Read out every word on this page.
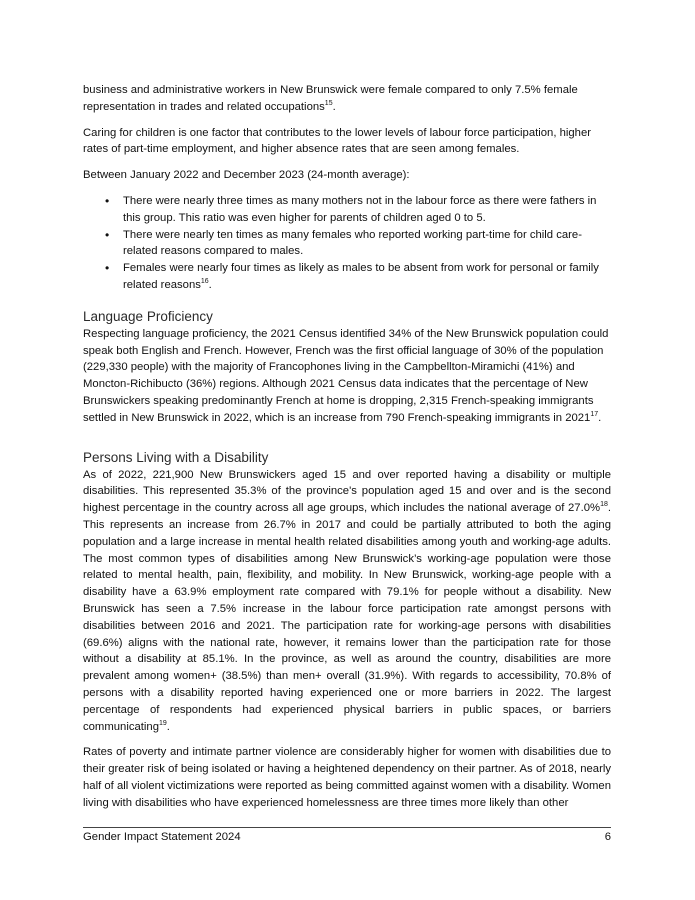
business and administrative workers in New Brunswick were female compared to only 7.5% female representation in trades and related occupations$^{15}$.

Caring for children is one factor that contributes to the lower levels of labour force participation, higher rates of part-time employment, and higher absence rates that are seen among females.

Between January 2022 and December 2023 (24-month average):

• There were nearly three times as many mothers not in the labour force as there were fathers in this group. This ratio was even higher for parents of children aged 0 to 5.
• There were nearly ten times as many females who reported working part-time for child care-related reasons compared to males.
• Females were nearly four times as likely as males to be absent from work for personal or family related reasons$^{16}$.
Language Proficiency

Respecting language proficiency, the 2021 Census identified 34% of the New Brunswick population could speak both English and French. However, French was the first official language of 30% of the population (229,330 people) with the majority of Francophones living in the Campbellton-Miramichi (41%) and Moncton-Richibucto (36%) regions. Although 2021 Census data indicates that the percentage of New Brunswickers speaking predominantly French at home is dropping, 2,315 French-speaking immigrants settled in New Brunswick in 2022, which is an increase from 790 French-speaking immigrants in 2021$^{17}$.

Persons Living with a Disability

As of 2022, 221,900 New Brunswickers aged 15 and over reported having a disability or multiple disabilities. This represented 35.3% of the province's population aged 15 and over and is the second highest percentage in the country across all age groups, which includes the national average of 27.0%$^{18}$. This represents an increase from 26.7% in 2017 and could be partially attributed to both the aging population and a large increase in mental health related disabilities among youth and working-age adults. The most common types of disabilities among New Brunswick’s working-age population were those related to mental health, pain, flexibility, and mobility. In New Brunswick, working-age people with a disability have a 63.9% employment rate compared with 79.1% for people without a disability. New Brunswick has seen a 7.5% increase in the labour force participation rate amongst persons with disabilities between 2016 and 2021. The participation rate for working-age persons with disabilities (69.6%) aligns with the national rate, however, it remains lower than the participation rate for those without a disability at 85.1%. In the province, as well as around the country, disabilities are more prevalent among women+ (38.5%) than men+ overall (31.9%). With regards to accessibility, 70.8% of persons with a disability reported having experienced one or more barriers in 2022. The largest percentage of respondents had experienced physical barriers in public spaces, or barriers communicating$^{19}$.

Rates of poverty and intimate partner violence are considerably higher for women with disabilities due to their greater risk of being isolated or having a heightened dependency on their partner. As of 2018, nearly half of all violent victimizations were reported as being committed against women with a disability. Women living with disabilities who have experienced homelessness are three times more likely than other

Gender Impact Statement 2024	6
